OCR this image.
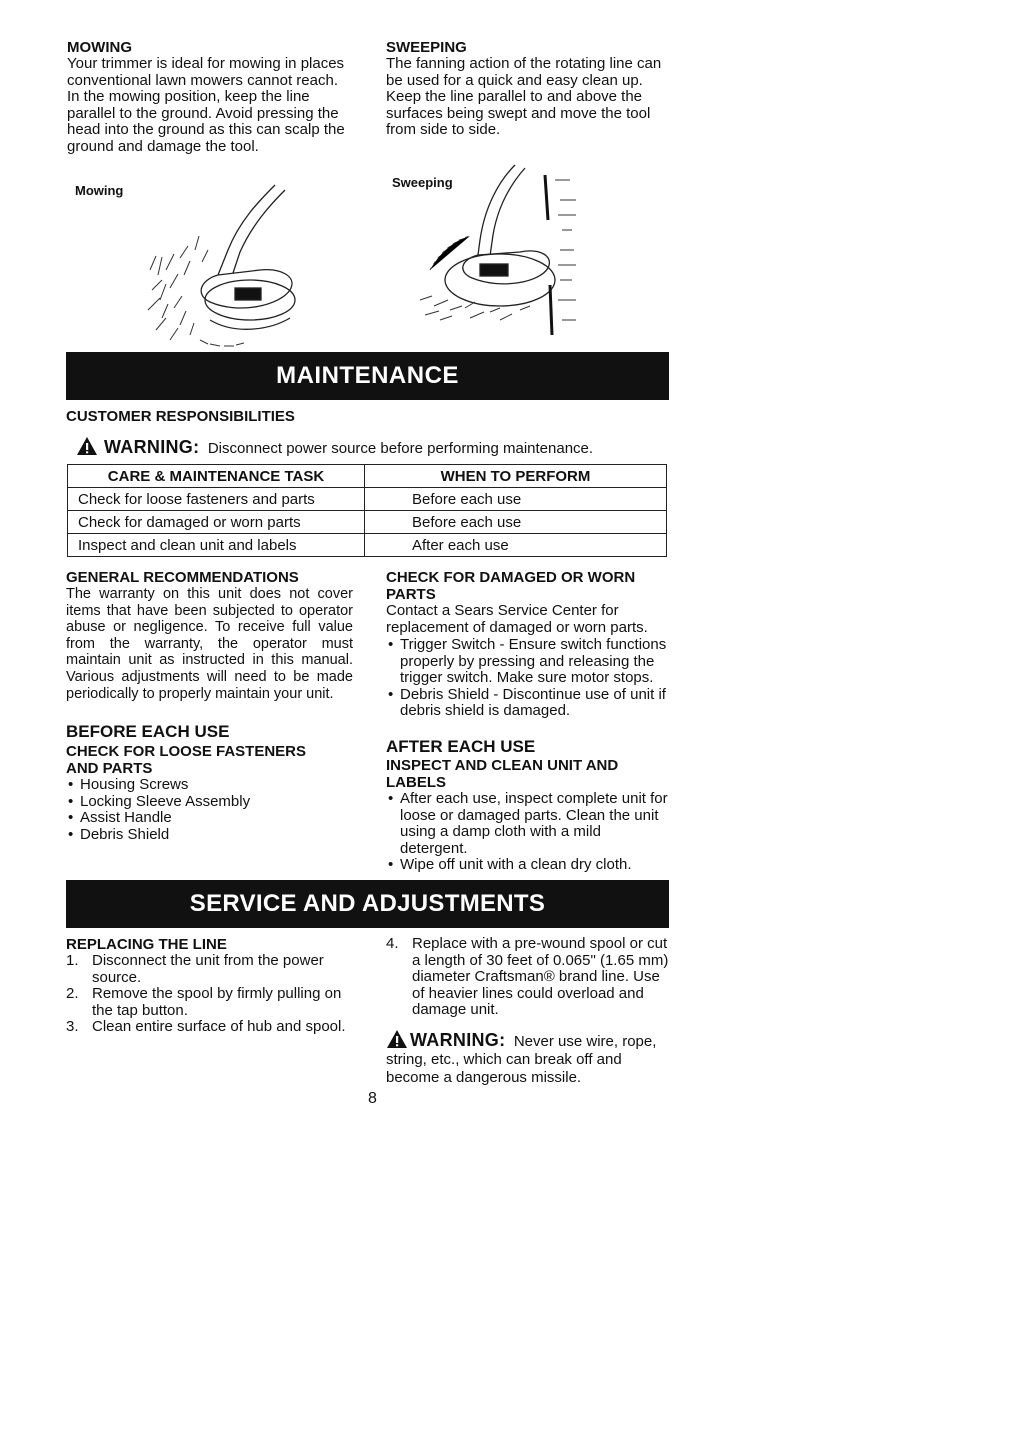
MOWING
Your trimmer is ideal for mowing in places conventional lawn mowers cannot reach. In the mowing position, keep the line parallel to the ground. Avoid pressing the head into the ground as this can scalp the ground and damage the tool.
Mowing
SWEEPING
The fanning action of the rotating line can be used for a quick and easy clean up. Keep the line parallel to and above the surfaces being swept and move the tool from side to side.
Sweeping
MAINTENANCE
CUSTOMER RESPONSIBILITIES
WARNING: Disconnect power source before performing maintenance.
CARE & MAINTENANCE TASK	WHEN TO PERFORM
Check for loose fasteners and parts	Before each use
Check for damaged or worn parts	Before each use
Inspect and clean unit and labels	After each use
GENERAL RECOMMENDATIONS
The warranty on this unit does not cover items that have been subjected to operator abuse or negligence. To receive full value from the warranty, the operator must maintain unit as instructed in this manual. Various adjustments will need to be made periodically to properly maintain your unit.
BEFORE EACH USE
CHECK FOR LOOSE FASTENERS AND PARTS
• Housing Screws
• Locking Sleeve Assembly
• Assist Handle
• Debris Shield
CHECK FOR DAMAGED OR WORN PARTS
Contact a Sears Service Center for replacement of damaged or worn parts.
• Trigger Switch - Ensure switch functions properly by pressing and releasing the trigger switch. Make sure motor stops.
• Debris Shield - Discontinue use of unit if debris shield is damaged.
AFTER EACH USE
INSPECT AND CLEAN UNIT AND LABELS
• After each use, inspect complete unit for loose or damaged parts. Clean the unit using a damp cloth with a mild detergent.
• Wipe off unit with a clean dry cloth.
SERVICE AND ADJUSTMENTS
REPLACING THE LINE
1. Disconnect the unit from the power source.
2. Remove the spool by firmly pulling on the tap button.
3. Clean entire surface of hub and spool.
4. Replace with a pre-wound spool or cut a length of 30 feet of 0.065" (1.65 mm) diameter Craftsman® brand line. Use of heavier lines could overload and damage unit.
WARNING: Never use wire, rope, string, etc., which can break off and become a dangerous missile.
8
